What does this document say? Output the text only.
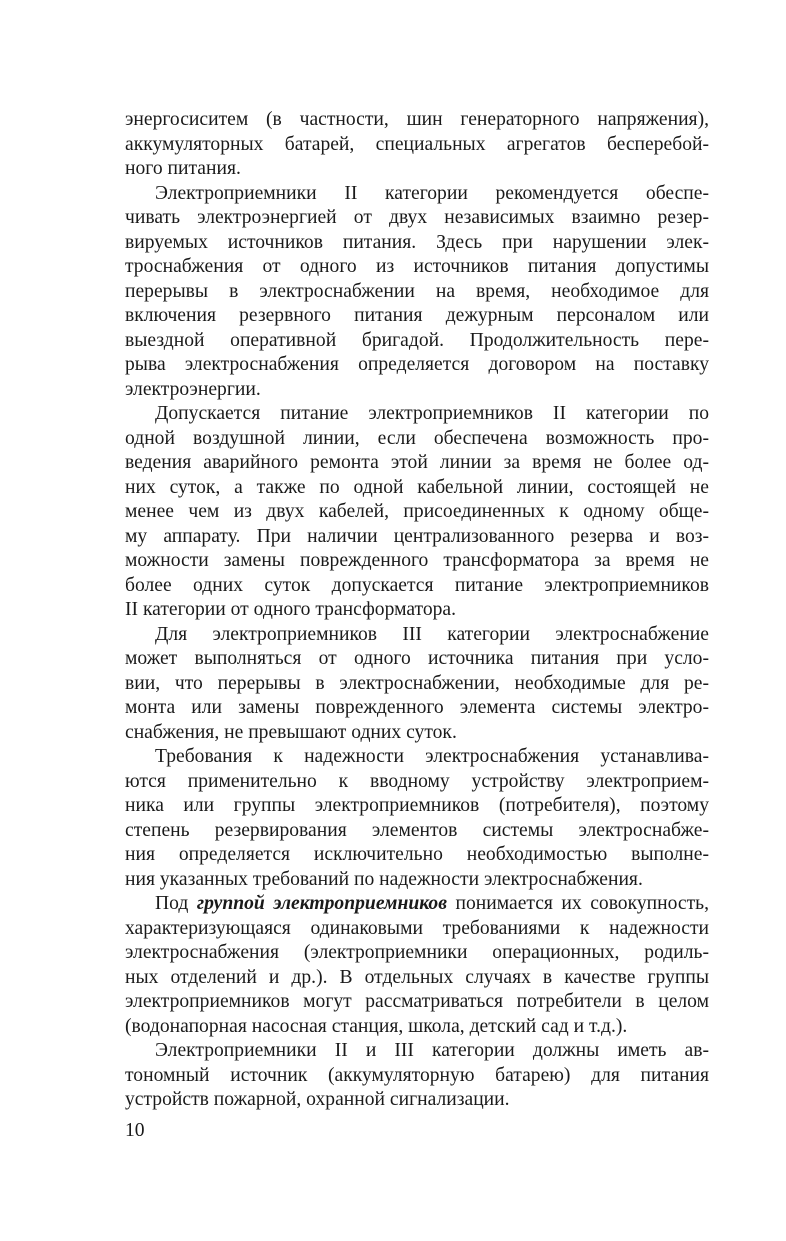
энергосиситем (в частности, шин генераторного напряжения),
аккумуляторных батарей, специальных агрегатов бесперебой-
ного питания.
Электроприемники II категории рекомендуется обеспе-
чивать электроэнергией от двух независимых взаимно резер-
вируемых источников питания. Здесь при нарушении элек-
троснабжения от одного из источников питания допустимы
перерывы в электроснабжении на время, необходимое для
включения резервного питания дежурным персоналом или
выездной оперативной бригадой. Продолжительность пере-
рыва электроснабжения определяется договором на поставку
электроэнергии.
Допускается питание электроприемников II категории по
одной воздушной линии, если обеспечена возможность про-
ведения аварийного ремонта этой линии за время не более од-
них суток, а также по одной кабельной линии, состоящей не
менее чем из двух кабелей, присоединенных к одному обще-
му аппарату. При наличии централизованного резерва и воз-
можности замены поврежденного трансформатора за время не
более одних суток допускается питание электроприемников
II категории от одного трансформатора.
Для электроприемников III категории электроснабжение
может выполняться от одного источника питания при усло-
вии, что перерывы в электроснабжении, необходимые для ре-
монта или замены поврежденного элемента системы электро-
снабжения, не превышают одних суток.
Требования к надежности электроснабжения устанавлива-
ются применительно к вводному устройству электроприем-
ника или группы электроприемников (потребителя), поэтому
степень резервирования элементов системы электроснабже-
ния определяется исключительно необходимостью выполне-
ния указанных требований по надежности электроснабжения.
Под группой электроприемников понимается их совокупность,
характеризующаяся одинаковыми требованиями к надежности
электроснабжения (электроприемники операционных, родиль-
ных отделений и др.). В отдельных случаях в качестве группы
электроприемников могут рассматриваться потребители в целом
(водонапорная насосная станция, школа, детский сад и т.д.).
Электроприемники II и III категории должны иметь ав-
тономный источник (аккумуляторную батарею) для питания
устройств пожарной, охранной сигнализации.
10
